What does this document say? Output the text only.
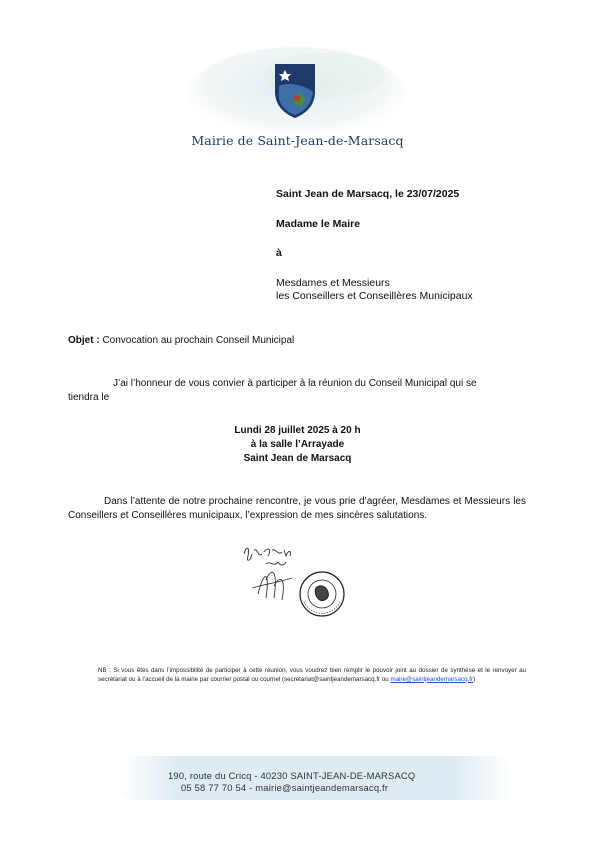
Mairie de Saint-Jean-de-Marsacq
Saint Jean de Marsacq, le 23/07/2025
Madame le Maire
à
Mesdames et Messieurs
les Conseillers et Conseillères Municipaux
Objet : Convocation au prochain Conseil Municipal
J’ai l’honneur de vous convier à participer à la réunion du Conseil Municipal qui se
tiendra le
Lundi 28 juillet 2025 à 20 h
à la salle l’Arrayade
Saint Jean de Marsacq
Dans l’attente de notre prochaine rencontre, je vous prie d’agréer, Mesdames et Messieurs les Conseillers et Conseillères municipaux, l’expression de mes sincères salutations.
NB : Si vous êtes dans l’impossibilité de participer à cette réunion, vous voudrez bien remplir le pouvoir joint au dossier de synthèse et le renvoyer au secrétariat ou à l’accueil de la mairie par courrier postal ou courriel (secretariat@saintjeandemarsacq.fr ou maire@saintjeandemarsacq.fr)
190, route du Cricq - 40230 SAINT-JEAN-DE-MARSACQ
05 58 77 70 54 - mairie@saintjeandemarsacq.fr
